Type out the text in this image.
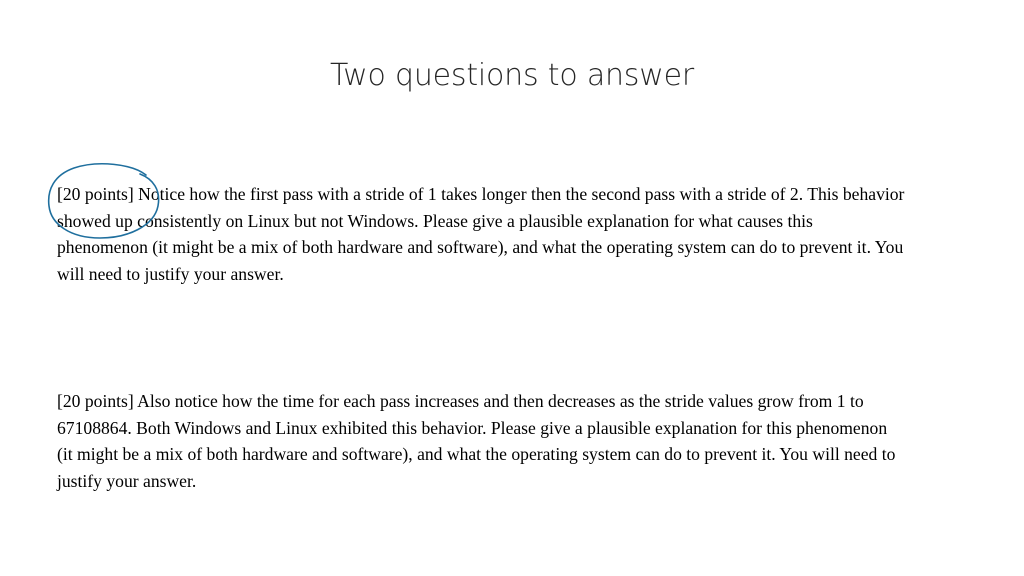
Two questions to answer
[20 points] Notice how the first pass with a stride of 1 takes longer then the second pass with a stride of 2. This behavior
showed up consistently on Linux but not Windows. Please give a plausible explanation for what causes this
phenomenon (it might be a mix of both hardware and software), and what the operating system can do to prevent it. You
will need to justify your answer.
[20 points] Also notice how the time for each pass increases and then decreases as the stride values grow from 1 to
67108864. Both Windows and Linux exhibited this behavior. Please give a plausible explanation for this phenomenon
(it might be a mix of both hardware and software), and what the operating system can do to prevent it. You will need to
justify your answer.
